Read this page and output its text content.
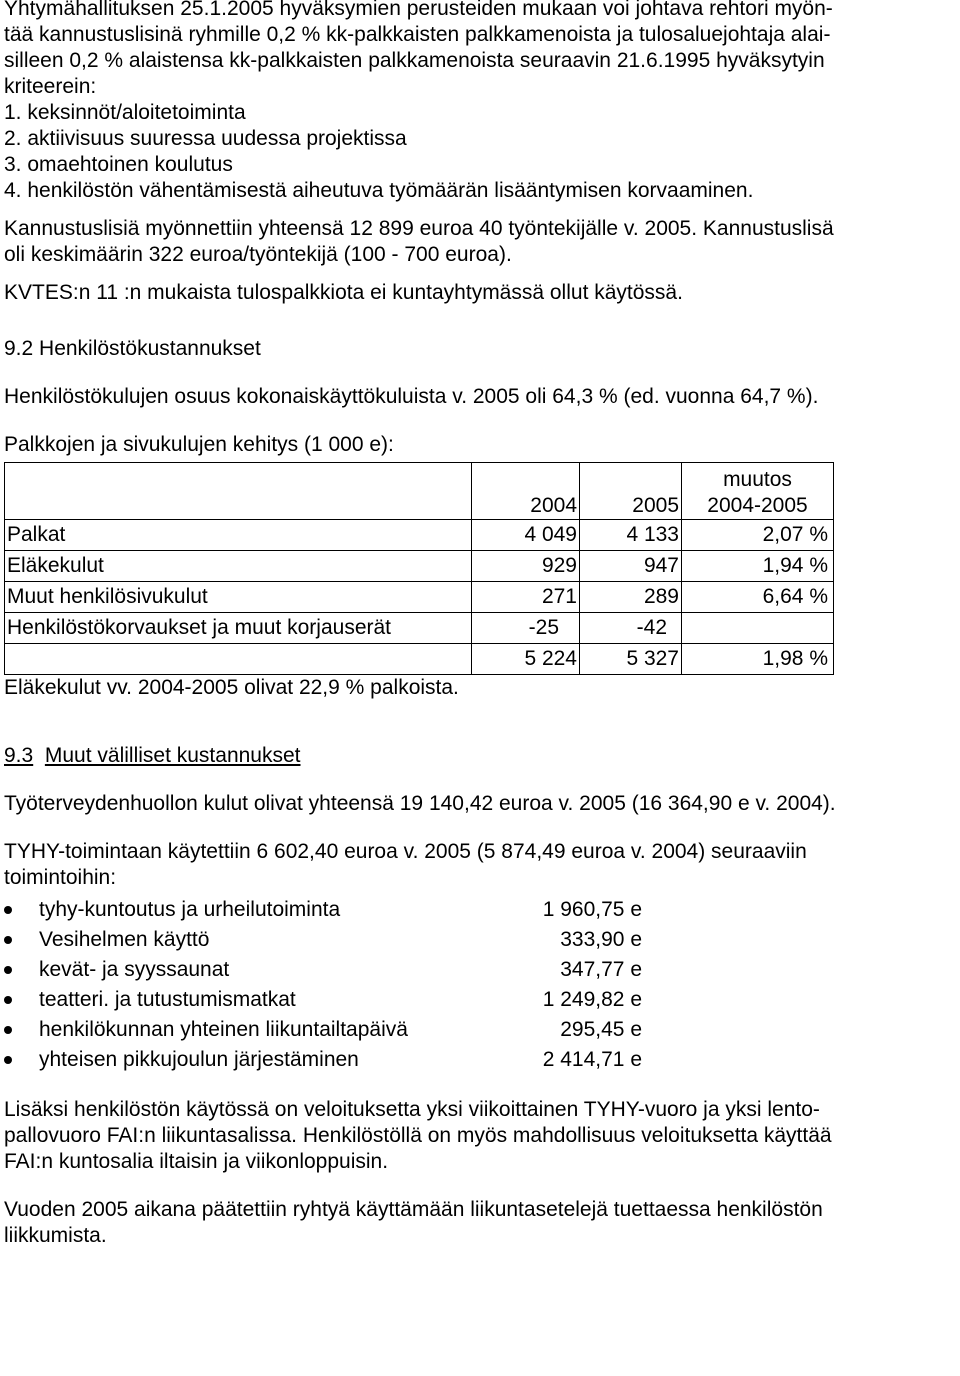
Yhtymähallituksen 25.1.2005 hyväksymien perusteiden mukaan voi johtava rehtori myön-
tää kannustuslisinä ryhmille 0,2 % kk-palkkaisten palkkamenoista ja tulosaluejohtaja alai-
silleen 0,2 % alaistensa kk-palkkaisten palkkamenoista seuraavin 21.6.1995 hyväksytyin
kriteerein:
1. keksinnöt/aloitetoiminta
2. aktiivisuus suuressa uudessa projektissa
3. omaehtoinen koulutus
4. henkilöstön vähentämisestä aiheutuva työmäärän lisääntymisen korvaaminen.
Kannustuslisiä myönnettiin yhteensä 12 899 euroa 40 työntekijälle v. 2005. Kannustuslisä
oli keskimäärin 322 euroa/työntekijä (100 - 700 euroa).
KVTES:n 11 :n mukaista tulospalkkiota ei kuntayhtymässä ollut käytössä.
9.2 Henkilöstökustannukset
Henkilöstökulujen osuus kokonaiskäyttökuluista v. 2005 oli 64,3 % (ed. vuonna 64,7 %).
Palkkojen ja sivukulujen kehitys (1 000 e):
	2004	2005	muutos
2004-2005

Palkat	4 049	4 133	2,07 %
Eläkekulut	929	947	1,94 %
Muut henkilösivukulut	271	289	6,64 %
Henkilöstökorvaukset ja muut korjauserät	-25	-42	
	5 224	5 327	1,98 %
Eläkekulut vv. 2004-2005 olivat 22,9 % palkoista.
9.3 Muut välilliset kustannukset
Työterveydenhuollon kulut olivat yhteensä 19 140,42 euroa v. 2005 (16 364,90 e v. 2004).
TYHY-toimintaan käytettiin 6 602,40 euroa v. 2005 (5 874,49 euroa v. 2004) seuraaviin
toimintoihin:
tyhy-kuntoutus ja urheilutoiminta	1 960,75 e
Vesihelmen käyttö	333,90 e
kevät- ja syyssaunat	347,77 e
teatteri. ja tutustumismatkat	1 249,82 e
henkilökunnan yhteinen liikuntailtapäivä	295,45 e
yhteisen pikkujoulun järjestäminen	2 414,71 e
Lisäksi henkilöstön käytössä on veloituksetta yksi viikoittainen TYHY-vuoro ja yksi lento-
pallovuoro FAI:n liikuntasalissa. Henkilöstöllä on myös mahdollisuus veloituksetta käyttää
FAI:n kuntosalia iltaisin ja viikonloppuisin.
Vuoden 2005 aikana päätettiin ryhtyä käyttämään liikuntasetelejä tuettaessa henkilöstön
liikkumista.
